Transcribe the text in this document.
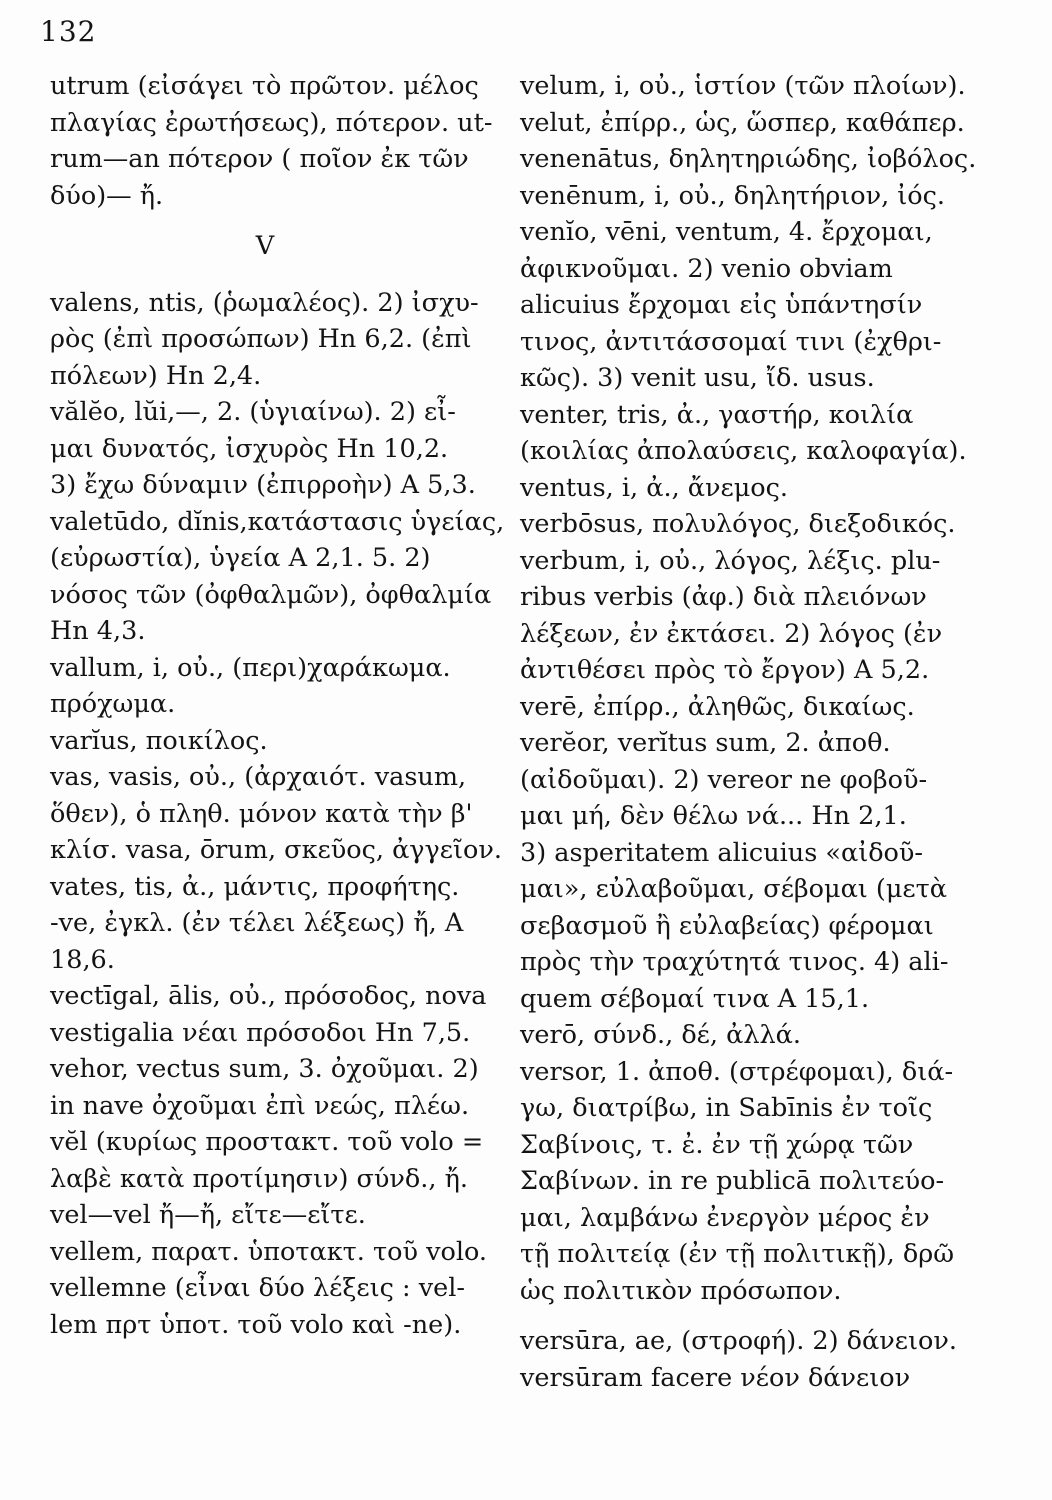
132
utrum (εἰσάγει τὸ πρῶτον. μέλος
πλαγίας ἐρωτήσεως), πότερον. ut-
rum—an πότερον ( ποῖον ἐκ τῶν
δύο)— ἤ.
V
valens, ntis, (ῥωμαλέος). 2) ἰσχυ-
ρὸς (ἐπὶ προσώπων) Hn 6,2. (ἐπὶ
πόλεων) Hn 2,4.
vălĕo, lŭi,—, 2. (ὑγιαίνω). 2) εἶ-
μαι δυνατός, ἰσχυρὸς Hn 10,2.
3) ἔχω δύναμιν (ἐπιρροὴν) A 5,3.
valetūdo, dĭnis,κατάστασις ὑγείας,
(εὐρωστία), ὑγεία A 2,1. 5. 2)
νόσος τῶν (ὀφθαλμῶν), ὀφθαλμία
Hn 4,3.
vallum, i, οὐ., (περι)χαράκωμα.
πρόχωμα.
varĭus, ποικίλος.
vas, vasis, οὐ., (ἀρχαιότ. vasum,
ὅθεν), ὁ πληθ. μόνον κατὰ τὴν β'
κλίσ. vasa, ōrum, σκεῦος, ἀγγεῖον.
vates, tis, ἀ., μάντις, προφήτης.
-ve, ἐγκλ. (ἐν τέλει λέξεως) ἤ, A
18,6.
vectīgal, ālis, οὐ., πρόσοδος, nova
vestigalia νέαι πρόσοδοι Hn 7,5.
vehor, vectus sum, 3. ὀχοῦμαι. 2)
in nave ὀχοῦμαι ἐπὶ νεώς, πλέω.
vĕl (κυρίως προστακτ. τοῦ volo =
λαβὲ κατὰ προτίμησιν) σύνδ., ἤ.
vel—vel ἤ—ἤ, εἴτε—εἴτε.
vellem, παρατ. ὑποτακτ. τοῦ volo.
vellemne (εἶναι δύο λέξεις : vel-
lem πρτ ὑποτ. τοῦ volo καὶ -ne).
velum, i, οὐ., ἱστίον (τῶν πλοίων).
velut, ἐπίρρ., ὡς, ὥσπερ, καθάπερ.
venenātus, δηλητηριώδης, ἰοβόλος.
venēnum, i, οὐ., δηλητήριον, ἰός.
venĭo, vēni, ventum, 4. ἔρχομαι,
ἀφικνοῦμαι. 2) venio obviam
alicuius ἔρχομαι εἰς ὑπάντησίν
τινος, ἀντιτάσσομαί τινι (ἐχθρι-
κῶς). 3) venit usu, ἴδ. usus.
venter, tris, ἀ., γαστήρ, κοιλία
(κοιλίας ἀπολαύσεις, καλοφαγία).
ventus, i, ἀ., ἄνεμος.
verbōsus, πολυλόγος, διεξοδικός.
verbum, i, οὐ., λόγος, λέξις. plu-
ribus verbis (ἀφ.) διὰ πλειόνων
λέξεων, ἐν ἐκτάσει. 2) λόγος (ἐν
ἀντιθέσει πρὸς τὸ ἔργον) A 5,2.
verē, ἐπίρρ., ἀληθῶς, δικαίως.
verĕor, verĭtus sum, 2. ἀποθ.
(αἰδοῦμαι). 2) vereor ne φοβοῦ-
μαι μή, δὲν θέλω νά... Hn 2,1.
3) asperitatem alicuius «αἰδοῦ-
μαι», εὐλαβοῦμαι, σέβομαι (μετὰ
σεβασμοῦ ἢ εὐλαβείας) φέρομαι
πρὸς τὴν τραχύτητά τινος. 4) ali-
quem σέβομαί τινα A 15,1.
verō, σύνδ., δέ, ἀλλά.
versor, 1. ἀποθ. (στρέφομαι), διά-
γω, διατρίβω, in Sabīnis ἐν τοῖς
Σαβίνοις, τ. ἐ. ἐν τῇ χώρᾳ τῶν
Σαβίνων. in re publicā πολιτεύο-
μαι, λαμβάνω ἐνεργὸν μέρος ἐν
τῇ πολιτείᾳ (ἐν τῇ πολιτικῇ), δρῶ
ὡς πολιτικὸν πρόσωπον.
versūra, ae, (στροφή). 2) δάνειον.
versūram facere νέον δάνειον
